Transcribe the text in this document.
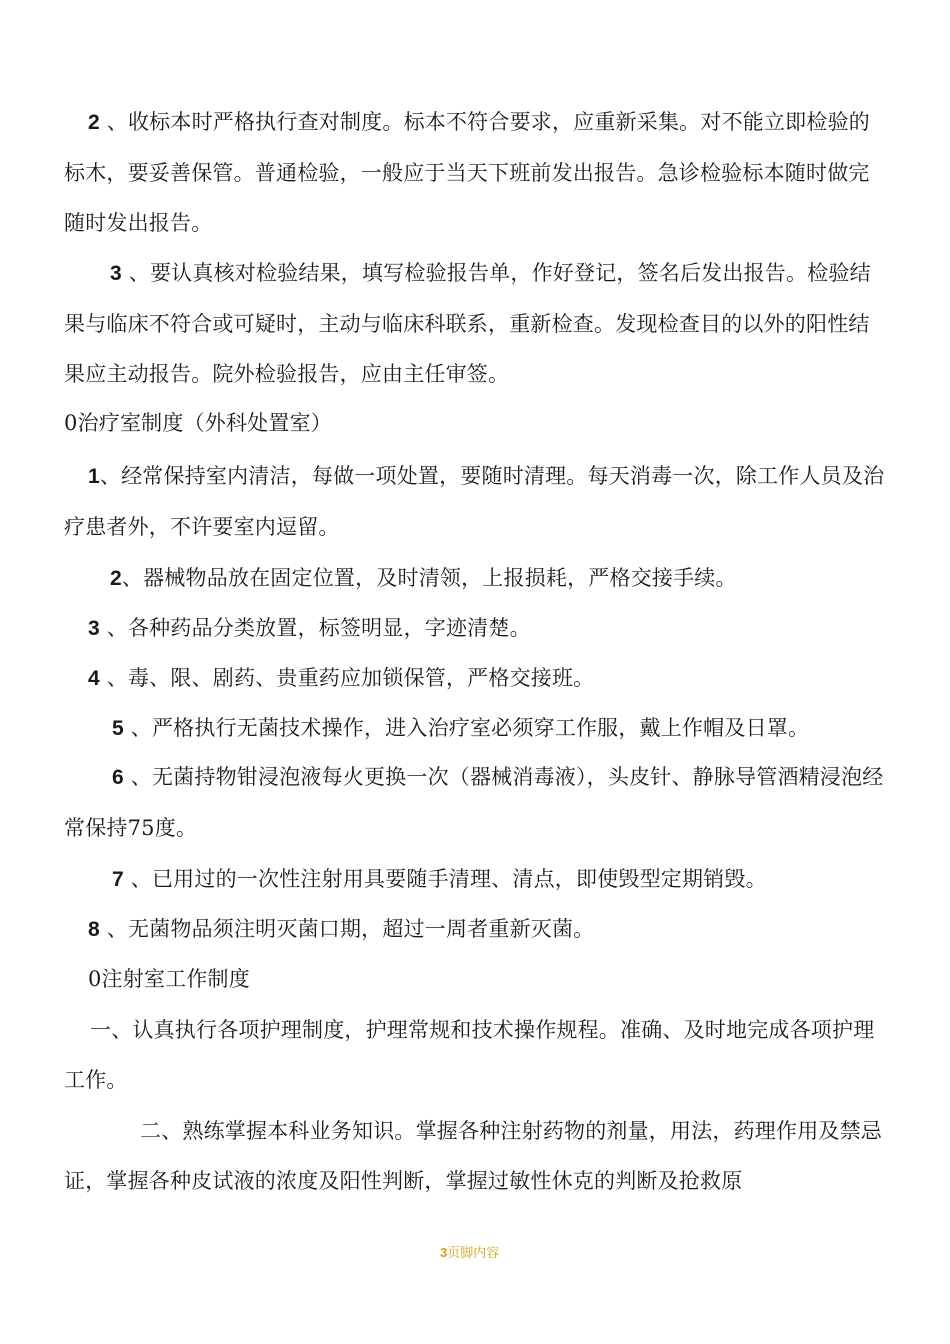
2 、收标本时严格执行查对制度。标本不符合要求，应重新采集。对不能立即检验的标木，要妥善保管。普通检验，一般应于当天下班前发出报告。急诊检验标本随时做完随时发出报告。

3 、要认真核对检验结果，填写检验报告单，作好登记，签名后发出报告。检验结果与临床不符合或可疑时，主动与临床科联系，重新检查。发现检查目的以外的阳性结果应主动报告。院外检验报告，应由主任审签。

0治疗室制度（外科处置室）

1、经常保持室内清洁，每做一项处置，要随时清理。每天消毒一次，除工作人员及治疗患者外，不许要室内逗留。

2、器械物品放在固定位置，及时清领，上报损耗，严格交接手续。

3 、各种药品分类放置，标签明显，字迹清楚。

4 、毒、限、剧药、贵重药应加锁保管，严格交接班。

5 、严格执行无菌技术操作，进入治疗室必须穿工作服，戴上作帽及日罩。

6 、无菌持物钳浸泡液每火更换一次（器械消毒液），头皮针、静脉导管酒精浸泡经常保持75度。

7 、已用过的一次性注射用具要随手清理、清点，即使毁型定期销毁。

8 、无菌物品须注明灭菌口期，超过一周者重新灭菌。

0注射室工作制度

一、认真执行各项护理制度，护理常规和技术操作规程。准确、及时地完成各项护理工作。

二、熟练掌握本科业务知识。掌握各种注射药物的剂量，用法，药理作用及禁忌证，掌握各种皮试液的浓度及阳性判断，掌握过敏性休克的判断及抢救原

3页脚内容
